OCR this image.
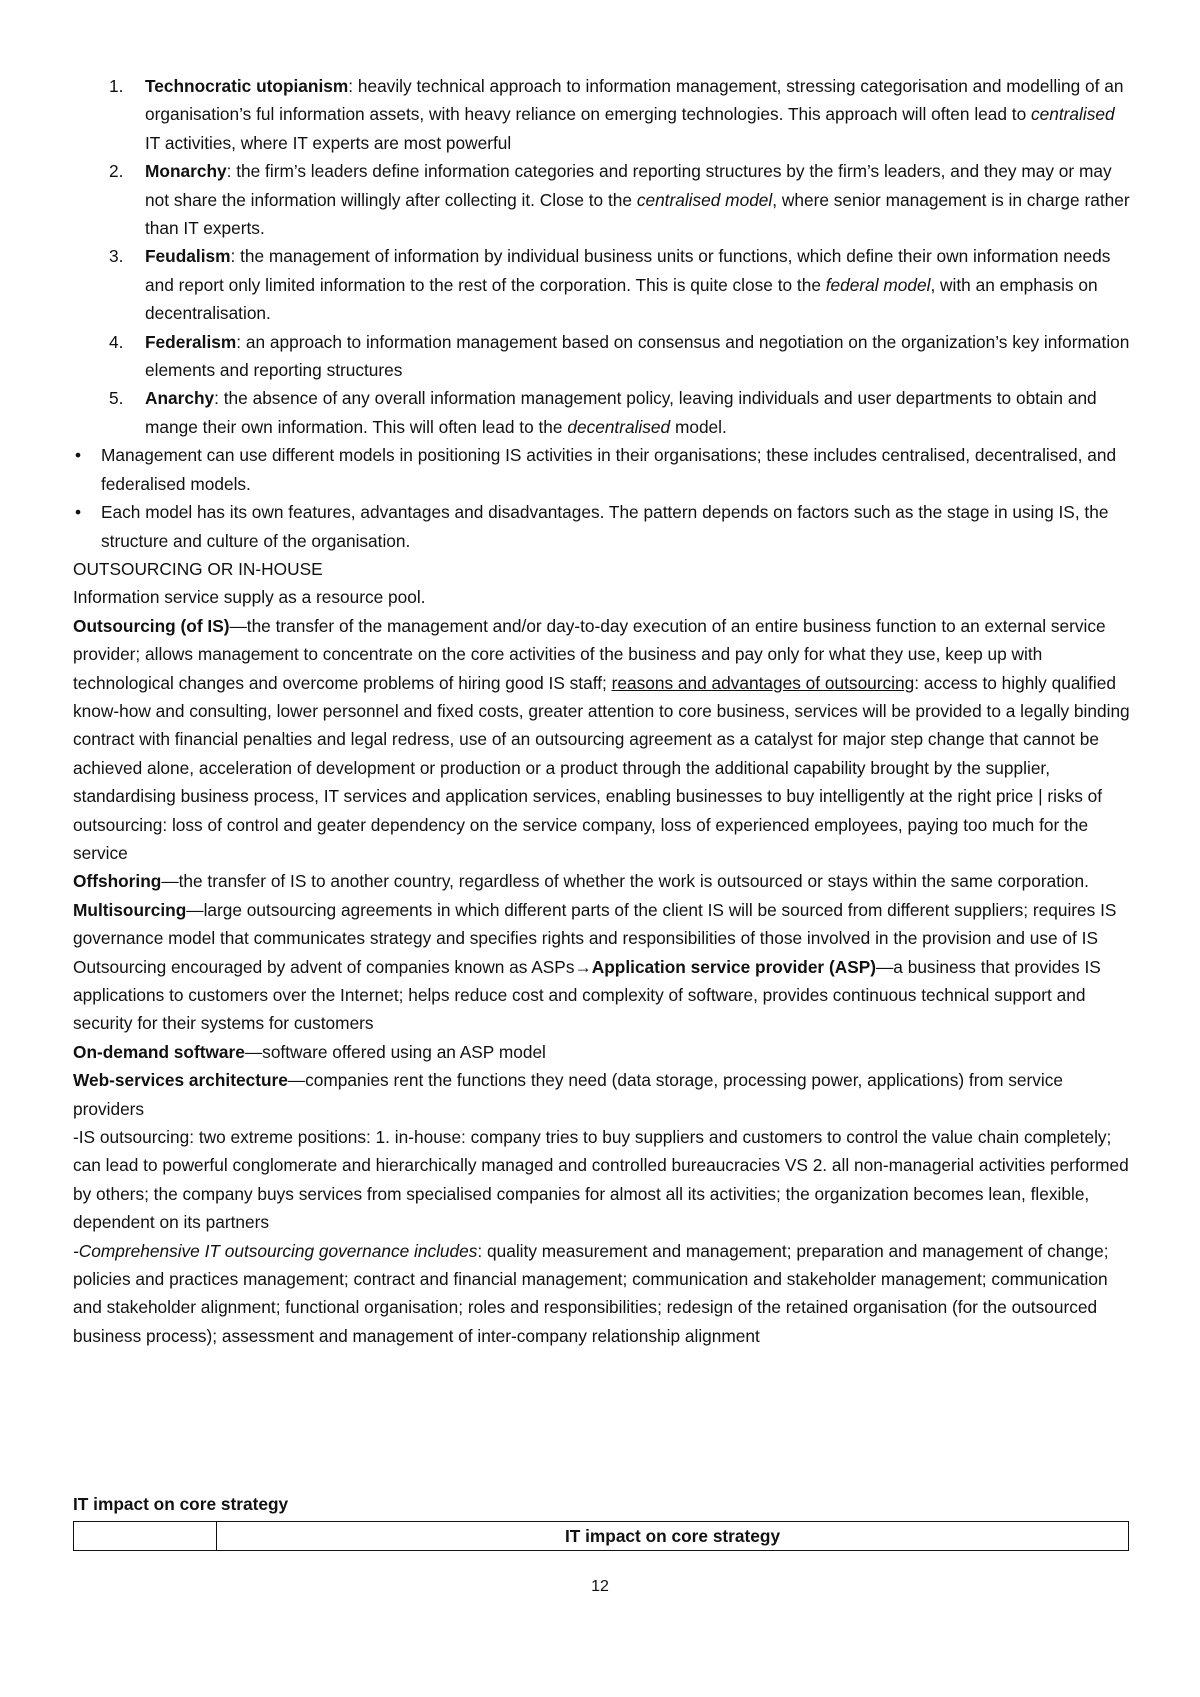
1. Technocratic utopianism: heavily technical approach to information management, stressing categorisation and modelling of an organisation’s ful information assets, with heavy reliance on emerging technologies. This approach will often lead to centralised IT activities, where IT experts are most powerful

2. Monarchy: the firm’s leaders define information categories and reporting structures by the firm’s leaders, and they may or may not share the information willingly after collecting it. Close to the centralised model, where senior management is in charge rather than IT experts.

3. Feudalism: the management of information by individual business units or functions, which define their own information needs and report only limited information to the rest of the corporation. This is quite close to the federal model, with an emphasis on decentralisation.

4. Federalism: an approach to information management based on consensus and negotiation on the organization’s key information elements and reporting structures

5. Anarchy: the absence of any overall information management policy, leaving individuals and user departments to obtain and mange their own information. This will often lead to the decentralised model.

• Management can use different models in positioning IS activities in their organisations; these includes centralised, decentralised, and federalised models.

• Each model has its own features, advantages and disadvantages. The pattern depends on factors such as the stage in using IS, the structure and culture of the organisation.

OUTSOURCING OR IN-HOUSE

Information service supply as a resource pool.

Outsourcing (of IS)—the transfer of the management and/or day-to-day execution of an entire business function to an external service provider; allows management to concentrate on the core activities of the business and pay only for what they use, keep up with technological changes and overcome problems of hiring good IS staff; reasons and advantages of outsourcing: access to highly qualified know-how and consulting, lower personnel and fixed costs, greater attention to core business, services will be provided to a legally binding contract with financial penalties and legal redress, use of an outsourcing agreement as a catalyst for major step change that cannot be achieved alone, acceleration of development or production or a product through the additional capability brought by the supplier, standardising business process, IT services and application services, enabling businesses to buy intelligently at the right price | risks of outsourcing: loss of control and geater dependency on the service company, loss of experienced employees, paying too much for the service

Offshoring—the transfer of IS to another country, regardless of whether the work is outsourced or stays within the same corporation.

Multisourcing—large outsourcing agreements in which different parts of the client IS will be sourced from different suppliers; requires IS governance model that communicates strategy and specifies rights and responsibilities of those involved in the provision and use of IS

Outsourcing encouraged by advent of companies known as ASPs→Application service provider (ASP)—a business that provides IS applications to customers over the Internet; helps reduce cost and complexity of software, provides continuous technical support and security for their systems for customers

On-demand software—software offered using an ASP model

Web-services architecture—companies rent the functions they need (data storage, processing power, applications) from service providers

-IS outsourcing: two extreme positions: 1. in-house: company tries to buy suppliers and customers to control the value chain completely; can lead to powerful conglomerate and hierarchically managed and controlled bureaucracies VS 2. all non-managerial activities performed by others; the company buys services from specialised companies for almost all its activities; the organization becomes lean, flexible, dependent on its partners

-Comprehensive IT outsourcing governance includes: quality measurement and management; preparation and management of change; policies and practices management; contract and financial management; communication and stakeholder management; communication and stakeholder alignment; functional organisation; roles and responsibilities; redesign of the retained organisation (for the outsourced business process); assessment and management of inter-company relationship alignment

IT impact on core strategy

	IT impact on core strategy
12
